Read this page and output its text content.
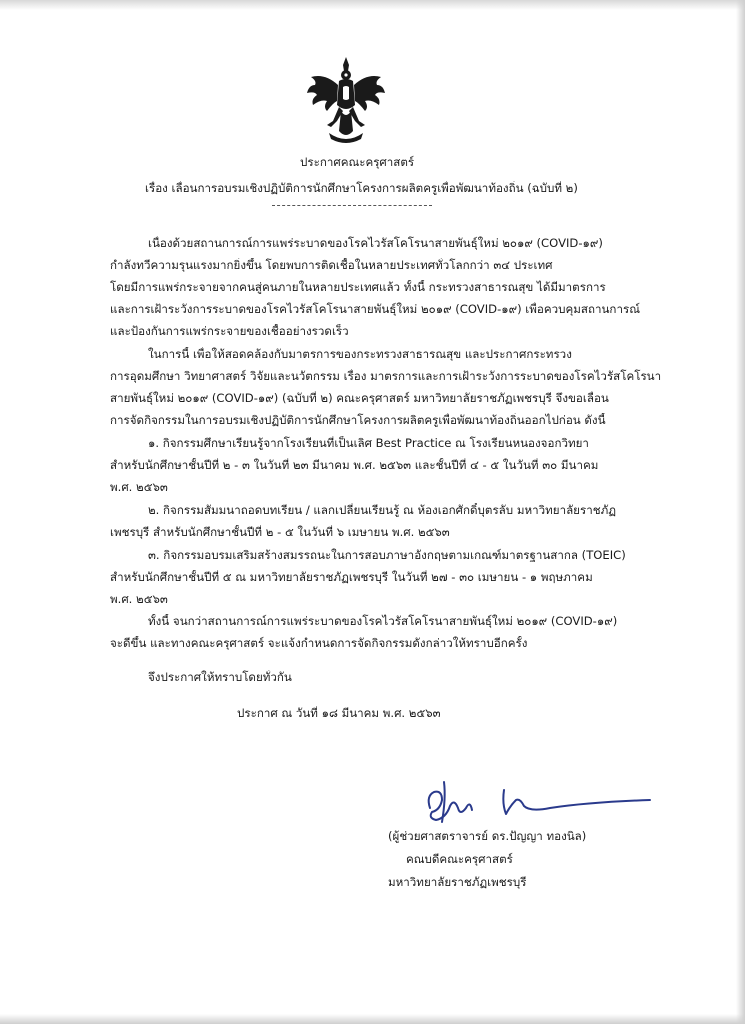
ประกาศคณะครุศาสตร์

เรื่อง เลื่อนการอบรมเชิงปฏิบัติการนักศึกษาโครงการผลิตครูเพื่อพัฒนาท้องถิ่น (ฉบับที่ ๒)

เนื่องด้วยสถานการณ์การแพร่ระบาดของโรคไวรัสโคโรนาสายพันธุ์ใหม่ ๒๐๑๙ (COVID-๑๙)

กำลังทวีความรุนแรงมากยิ่งขึ้น โดยพบการติดเชื้อในหลายประเทศทั่วโลกกว่า ๓๔ ประเทศ

โดยมีการแพร่กระจายจากคนสู่คนภายในหลายประเทศแล้ว ทั้งนี้ กระทรวงสาธารณสุข ได้มีมาตรการ

และการเฝ้าระวังการระบาดของโรคไวรัสโคโรนาสายพันธุ์ใหม่ ๒๐๑๙ (COVID-๑๙) เพื่อควบคุมสถานการณ์

และป้องกันการแพร่กระจายของเชื้ออย่างรวดเร็ว

ในการนี้ เพื่อให้สอดคล้องกับมาตรการของกระทรวงสาธารณสุข และประกาศกระทรวง

การอุดมศึกษา วิทยาศาสตร์ วิจัยและนวัตกรรม เรื่อง มาตรการและการเฝ้าระวังการระบาดของโรคไวรัสโคโรนา

สายพันธุ์ใหม่ ๒๐๑๙ (COVID-๑๙) (ฉบับที่ ๒) คณะครุศาสตร์ มหาวิทยาลัยราชภัฏเพชรบุรี จึงขอเลื่อน

การจัดกิจกรรมในการอบรมเชิงปฏิบัติการนักศึกษาโครงการผลิตครูเพื่อพัฒนาท้องถิ่นออกไปก่อน ดังนี้

๑. กิจกรรมศึกษาเรียนรู้จากโรงเรียนที่เป็นเลิศ Best Practice ณ โรงเรียนหนองจอกวิทยา

สำหรับนักศึกษาชั้นปีที่ ๒ - ๓ ในวันที่ ๒๓ มีนาคม พ.ศ. ๒๕๖๓ และชั้นปีที่ ๔ - ๕ ในวันที่ ๓๐ มีนาคม

พ.ศ. ๒๕๖๓

๒. กิจกรรมสัมมนาถอดบทเรียน / แลกเปลี่ยนเรียนรู้ ณ ห้องเอกศักดิ์บุตรลับ มหาวิทยาลัยราชภัฏ

เพชรบุรี สำหรับนักศึกษาชั้นปีที่ ๒ - ๕ ในวันที่ ๖ เมษายน พ.ศ. ๒๕๖๓

๓. กิจกรรมอบรมเสริมสร้างสมรรถนะในการสอบภาษาอังกฤษตามเกณฑ์มาตรฐานสากล (TOEIC)

สำหรับนักศึกษาชั้นปีที่ ๕ ณ มหาวิทยาลัยราชภัฏเพชรบุรี ในวันที่ ๒๗ - ๓๐ เมษายน - ๑ พฤษภาคม

พ.ศ. ๒๕๖๓

ทั้งนี้ จนกว่าสถานการณ์การแพร่ระบาดของโรคไวรัสโคโรนาสายพันธุ์ใหม่ ๒๐๑๙ (COVID-๑๙)

จะดีขึ้น และทางคณะครุศาสตร์ จะแจ้งกำหนดการจัดกิจกรรมดังกล่าวให้ทราบอีกครั้ง

จึงประกาศให้ทราบโดยทั่วกัน

ประกาศ ณ วันที่ ๑๘ มีนาคม พ.ศ. ๒๕๖๓

(ผู้ช่วยศาสตราจารย์ ดร.ปัญญา ทองนิล)

คณบดีคณะครุศาสตร์

มหาวิทยาลัยราชภัฏเพชรบุรี
